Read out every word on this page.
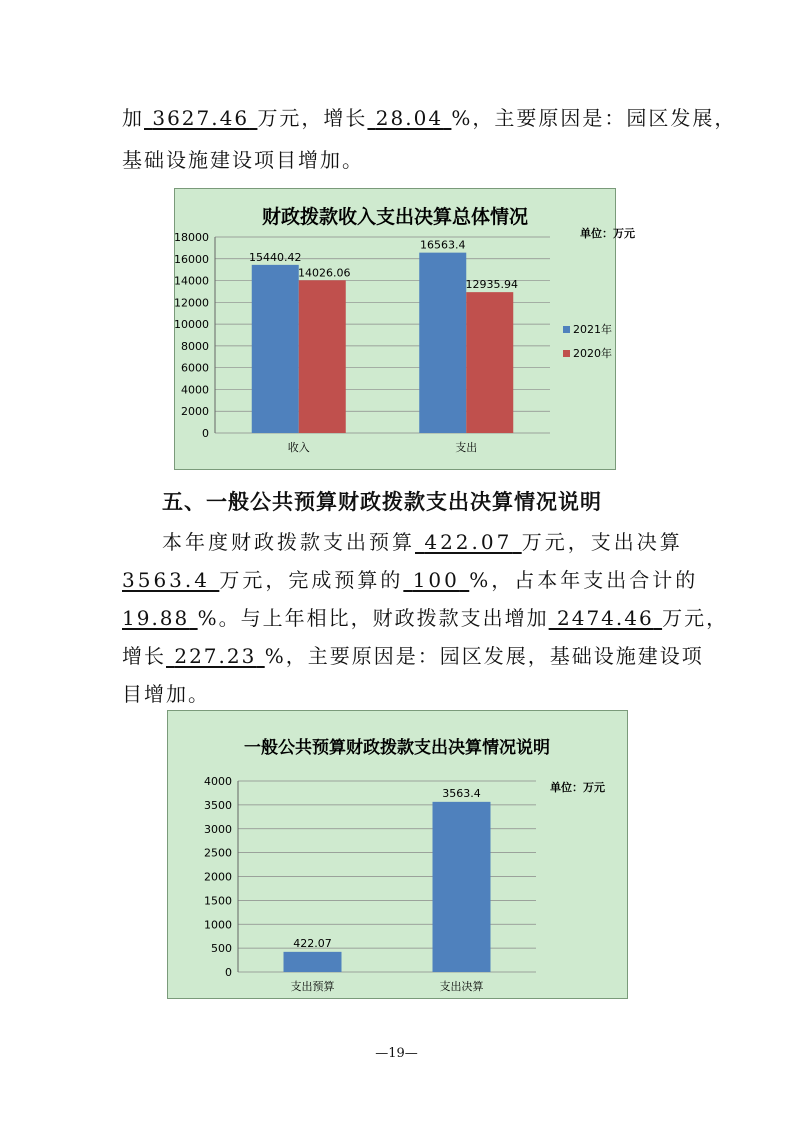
加 3627.46 万元，增长 28.04 %，主要原因是：园区发展，
基础设施建设项目增加。
财政拨款收入支出决算总体情况
单位：万元
0
2000
4000
6000
8000
10000
12000
14000
16000
18000
收入
15440.42
14026.06
支出
16563.4
12935.94
2021年
2020年
五、一般公共预算财政拨款支出决算情况说明
本年度财政拨款支出预算 422.07 万元，支出决算
3563.4 万元，完成预算的 100 %，占本年支出合计的
19.88 %。与上年相比，财政拨款支出增加 2474.46 万元，
增长 227.23 %，主要原因是：园区发展，基础设施建设项
目增加。
一般公共预算财政拨款支出决算情况说明
单位：万元
0
500
1000
1500
2000
2500
3000
3500
4000
422.07
支出预算
3563.4
支出决算
—19—
